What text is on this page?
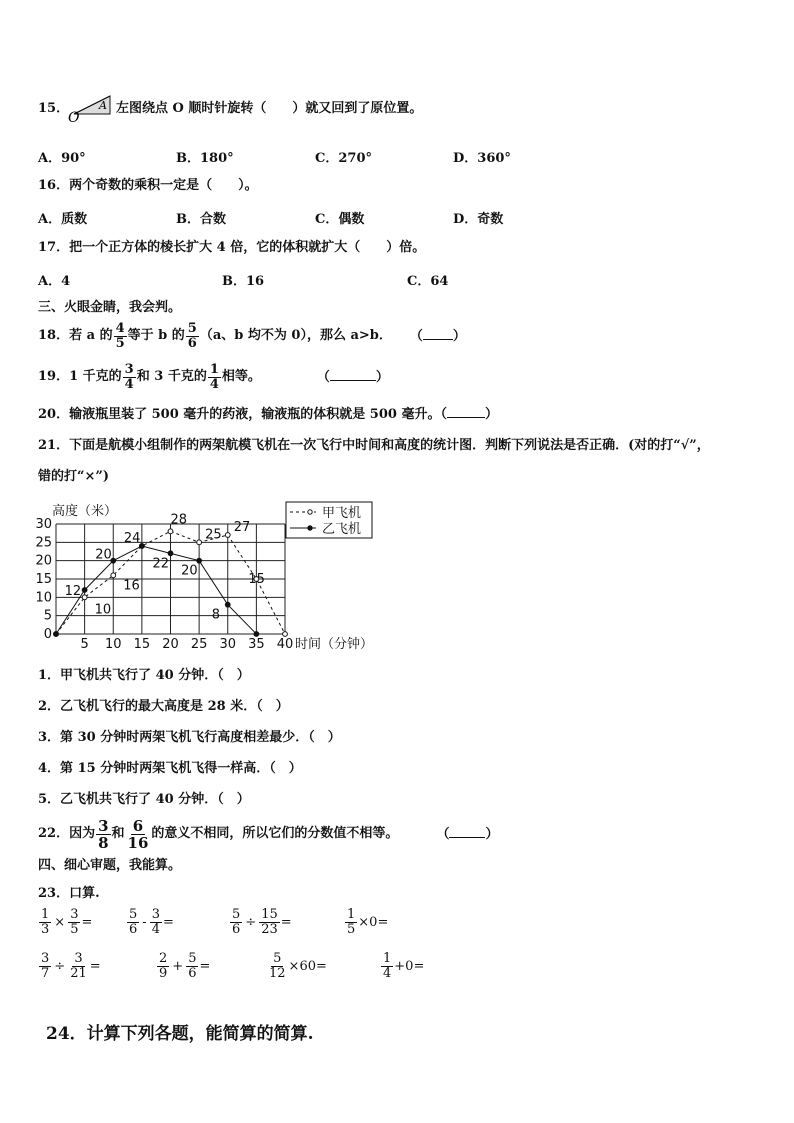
15．	A
O
左图绕点 O 顺时针旋转（　　）就又回到了原位置。
A．90°	B．180°	C．270°	D．360°
16．两个奇数的乘积一定是（　　）。
A．质数	B．合数	C．偶数	D．奇数
17．把一个正方体的棱长扩大 4 倍，它的体积就扩大（　　）倍。
A．4	B．16	C．64
三、火眼金睛，我会判。
18．若 a 的 $\frac{4}{5}$ 等于 b 的 $\frac{5}{6} (a$、b 均不为 0），那么 a>b． （ ）
19．1 千克的 $\frac{3}{4}$ 和 3 千克的 $\frac{1}{4}$ 相等。	（	）
20．输液瓶里装了 500 毫升的药液，输液瓶的体积就是 500 毫升。（	）
21．下面是航模小组制作的两架航模飞机在一次飞行中时间和高度的统计图．判断下列说法是否正确．(对的打“√”，
错的打“×”)
5 10 15 20 25 30 35 40
0
5
10
15
20
25
30
高度（米）
时间（分钟）
10
16
28
25 27
15
12
20
24
22 20
8
甲飞机
乙飞机
1．甲飞机共飞行了 40 分钟．（　）
2．乙飞机飞行的最大高度是 28 米．（　）
3．第 30 分钟时两架飞机飞行高度相差最少．（　）
4．第 15 分钟时两架飞机飞得一样高．（　）
5．乙飞机共飞行了 40 分钟．（　）
22．因为 $\frac{3}{8}$ 和 $\frac{6}{16}$ 的意义不相同，所以它们的分数值不相等。	（	）
四、细心审题，我能算。
23．口算.
$\frac{1}{3} \times \frac{3}{5}$ =	$\frac{5}{6} - \frac{3}{4}$ =	$\frac{5}{6} \div \frac{15}{23}$ =	$\frac{1}{5} \times 0=$
$\frac{3}{7} \div \frac{3}{21}$ =	$\frac{2}{9} + \frac{5}{6}$ =	$\frac{5}{12} \times 60=$	$\frac{1}{4} +0=$
24．计算下列各题，能简算的简算.
